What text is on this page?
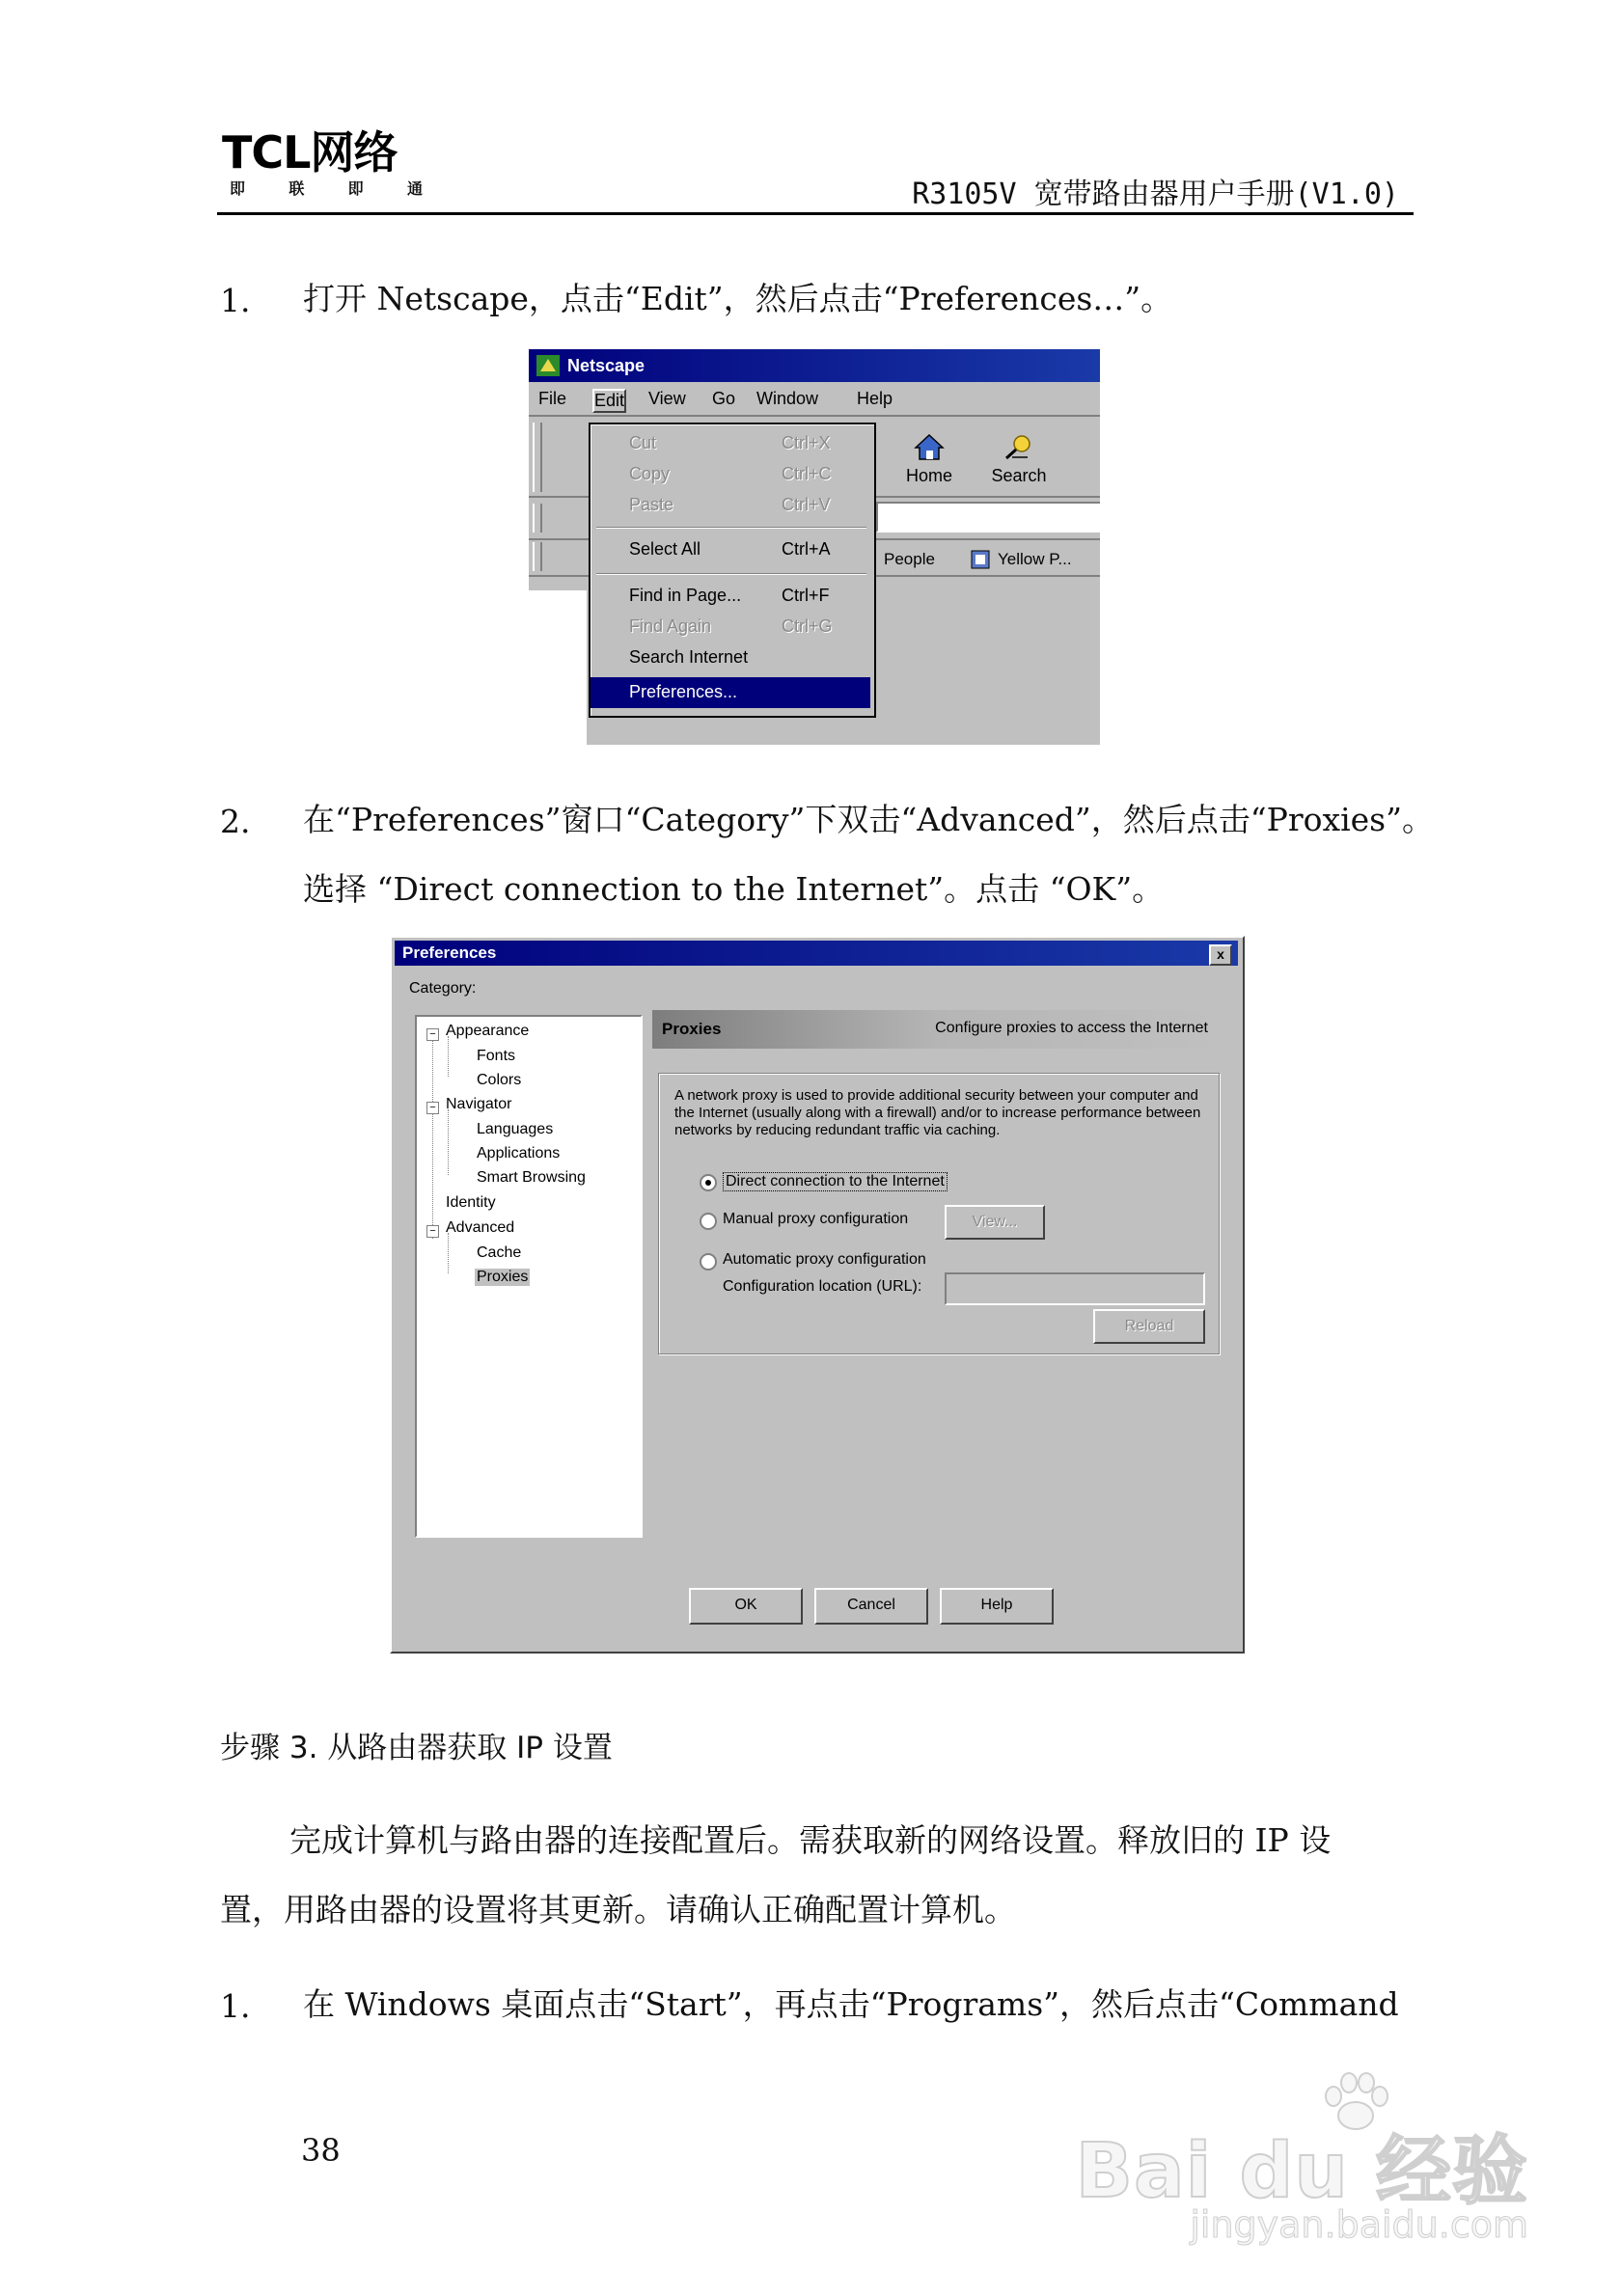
TCL网络
即	联	即	通	R3105V 宽带路由器用户手册(V1.0)
1. 打开 Netscape，点击“Edit”，然后点击“Preferences…”。
Netscape
File Edit View Go Window Help
Home	Search
People	Yellow P...
Cut	Ctrl+X
Copy	Ctrl+C
Paste	Ctrl+V
Select All	Ctrl+A
Find in Page... Ctrl+F
Find Again	Ctrl+G
Search Internet
Preferences...
2. 在“Preferences”窗口“Category”下双击“Advanced”，然后点击“Proxies”。
选择 “Direct connection to the Internet”。点击 “OK”。
Preferences	x
Category:
− Appearance
Fonts
Colors
− Navigator
Languages
Applications
Smart Browsing
Identity
− Advanced
Cache
Proxies
Proxies	Configure proxies to access the Internet
A network proxy is used to provide additional security between your computer and the Internet (usually along with a firewall) and/or to increase performance between networks by reducing redundant traffic via caching.
Direct connection to the Internet
Manual proxy configuration	View...
Automatic proxy configuration
Configuration location (URL):
Reload
OK	Cancel	Help
步骤 3. 从路由器获取 IP 设置
完成计算机与路由器的连接配置后。需获取新的网络设置。释放旧的 IP 设
置，用路由器的设置将其更新。请确认正确配置计算机。
1. 在 Windows 桌面点击“Start”，再点击“Programs”，然后点击“Command
38	Bai du 经验
jingyan.baidu.com
